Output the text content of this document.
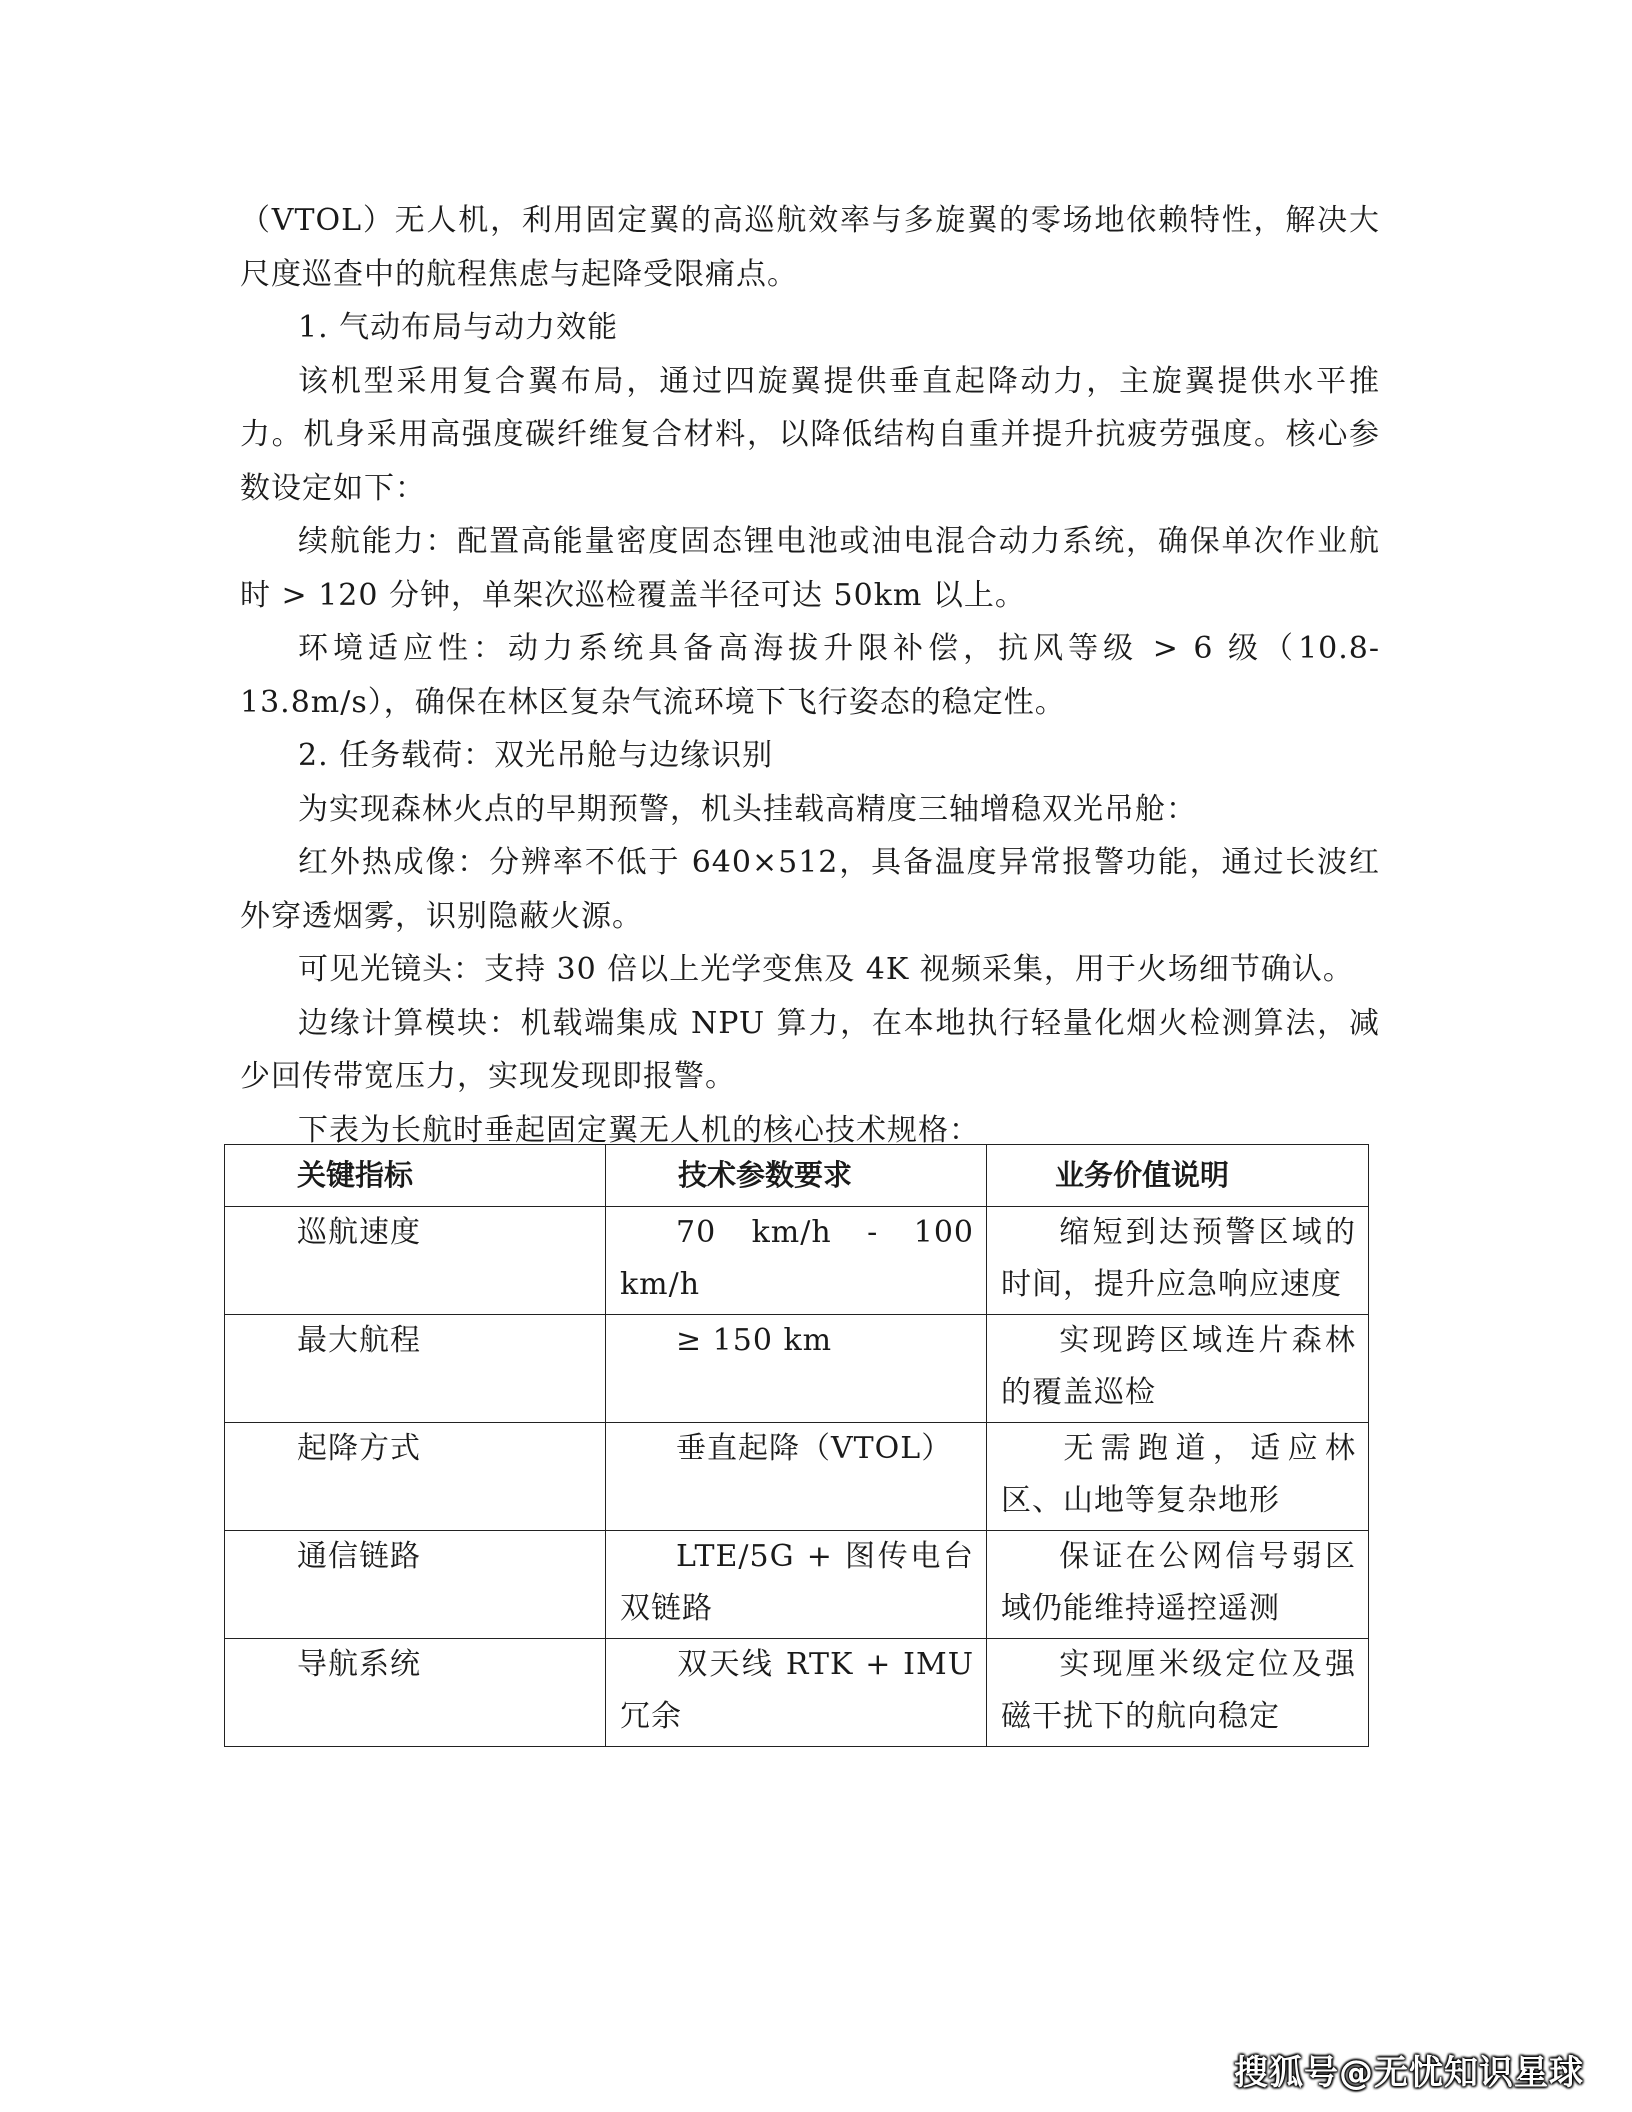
（VTOL）无人机，利用固定翼的高巡航效率与多旋翼的零场地依赖特性，解决大尺度巡查中的航程焦虑与起降受限痛点。

1. 气动布局与动力效能

该机型采用复合翼布局，通过四旋翼提供垂直起降动力，主旋翼提供水平推力。机身采用高强度碳纤维复合材料，以降低结构自重并提升抗疲劳强度。核心参数设定如下：

续航能力：配置高能量密度固态锂电池或油电混合动力系统，确保单次作业航时 > 120 分钟，单架次巡检覆盖半径可达 50km 以上。

环境适应性：动力系统具备高海拔升限补偿，抗风等级 > 6 级（10.8-13.8m/s），确保在林区复杂气流环境下飞行姿态的稳定性。

2. 任务载荷：双光吊舱与边缘识别

为实现森林火点的早期预警，机头挂载高精度三轴增稳双光吊舱：

红外热成像：分辨率不低于 640×512，具备温度异常报警功能，通过长波红外穿透烟雾，识别隐蔽火源。

可见光镜头：支持 30 倍以上光学变焦及 4K 视频采集，用于火场细节确认。

边缘计算模块：机载端集成 NPU 算力，在本地执行轻量化烟火检测算法，减少回传带宽压力，实现发现即报警。

下表为长航时垂起固定翼无人机的核心技术规格：

关键指标	技术参数要求	业务价值说明
巡航速度	70 km/h - 100 km/h	缩短到达预警区域的时间，提升应急响应速度
最大航程	≥ 150 km	实现跨区域连片森林的覆盖巡检
起降方式	垂直起降（VTOL）	无需跑道，适应林区、山地等复杂地形
通信链路	LTE/5G + 图传电台双链路	保证在公网信号弱区域仍能维持遥控遥测
导航系统	双天线 RTK + IMU 冗余	实现厘米级定位及强磁干扰下的航向稳定
搜狐号@无忧知识星球
